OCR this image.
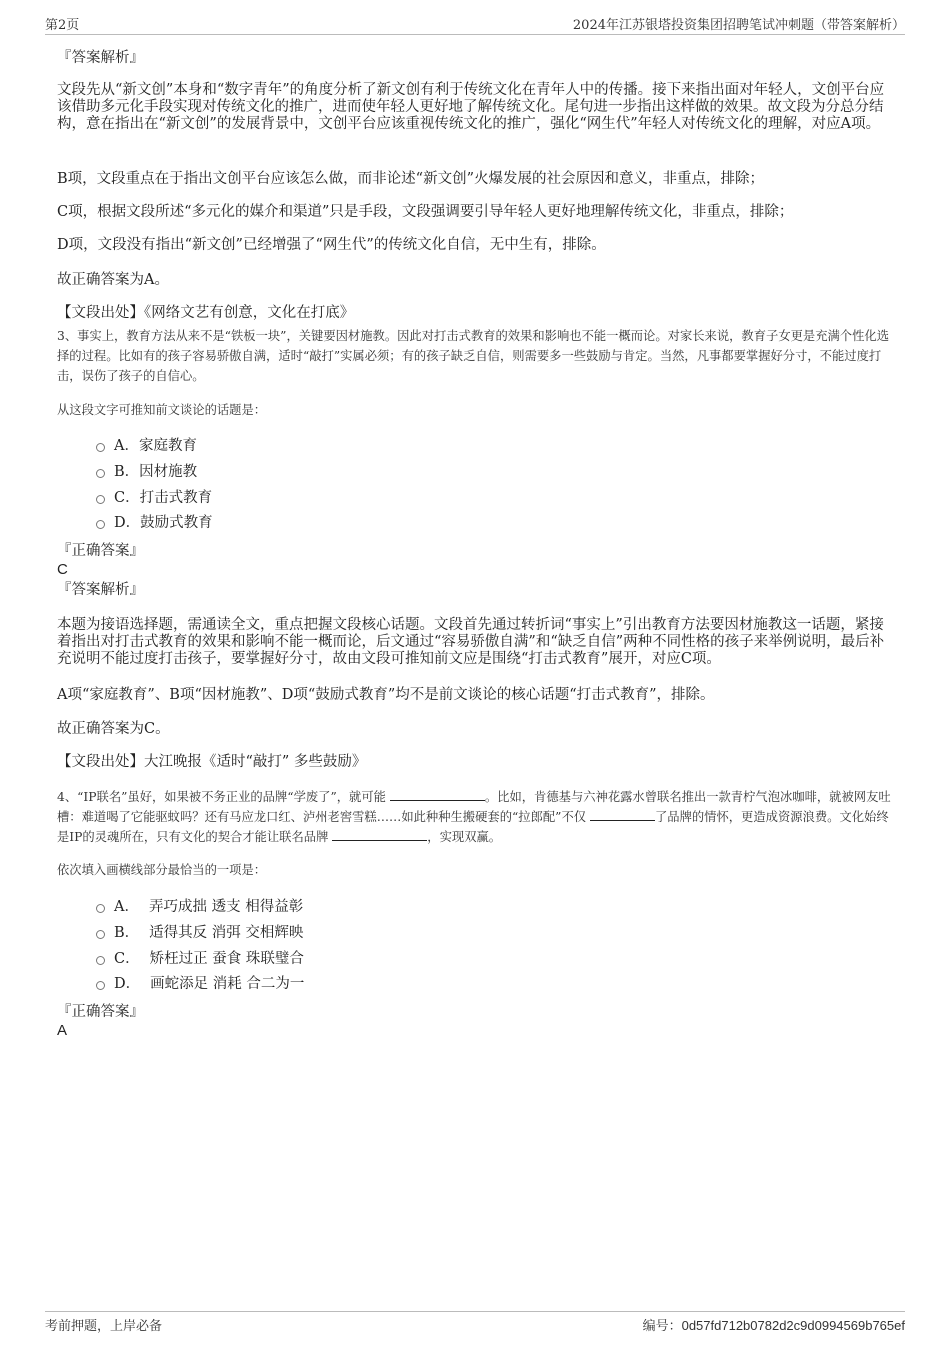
第2页	2024年江苏银塔投资集团招聘笔试冲刺题（带答案解析）
『答案解析』

文段先从“新文创”本身和“数字青年”的角度分析了新文创有利于传统文化在青年人中的传播。接下来指出面对年轻人，文创平台应该借助多元化手段实现对传统文化的推广，进而使年轻人更好地了解传统文化。尾句进一步指出这样做的效果。故文段为分总分结构，意在指出在“新文创”的发展背景中，文创平台应该重视传统文化的推广，强化“网生代”年轻人对传统文化的理解，对应A项。

B项，文段重点在于指出文创平台应该怎么做，而非论述“新文创”火爆发展的社会原因和意义，非重点，排除；

C项，根据文段所述“多元化的媒介和渠道”只是手段，文段强调要引导年轻人更好地理解传统文化，非重点，排除；

D项，文段没有指出“新文创”已经增强了“网生代”的传统文化自信，无中生有，排除。

故正确答案为A。

【文段出处】《网络文艺有创意，文化在打底》

3、事实上，教育方法从来不是“铁板一块”，关键要因材施教。因此对打击式教育的效果和影响也不能一概而论。对家长来说，教育子女更是充满个性化选择的过程。比如有的孩子容易骄傲自满，适时“敲打”实属必须；有的孩子缺乏自信，则需要多一些鼓励与肯定。当然，凡事都要掌握好分寸，不能过度打击，误伤了孩子的自信心。

从这段文字可推知前文谈论的话题是：

A．家庭教育
B．因材施教
C．打击式教育
D．鼓励式教育
『正确答案』
C
『答案解析』

本题为接语选择题，需通读全文，重点把握文段核心话题。文段首先通过转折词“事实上”引出教育方法要因材施教这一话题，紧接着指出对打击式教育的效果和影响不能一概而论，后文通过“容易骄傲自满”和“缺乏自信”两种不同性格的孩子来举例说明，最后补充说明不能过度打击孩子，要掌握好分寸，故由文段可推知前文应是围绕“打击式教育”展开，对应C项。

A项“家庭教育”、B项“因材施教”、D项“鼓励式教育”均不是前文谈论的核心话题“打击式教育”，排除。

故正确答案为C。

【文段出处】大江晚报《适时“敲打” 多些鼓励》

4、“IP联名”虽好，如果被不务正业的品牌“学废了”，就可能	。比如，肯德基与六神花露水曾联名推出一款青柠气泡冰咖啡，就被网友吐槽：难道喝了它能驱蚊吗？还有马应龙口红、泸州老窖雪糕……如此种种生搬硬套的“拉郎配”不仅	了品牌的情怀，更造成资源浪费。文化始终是IP的灵魂所在，只有文化的契合才能让联名品牌	，实现双赢。

依次填入画横线部分最恰当的一项是：

A． 弄巧成拙 透支 相得益彰
B． 适得其反 消弭 交相辉映
C． 矫枉过正 蚕食 珠联璧合
D． 画蛇添足 消耗 合二为一
『正确答案』
A
考前押题，上岸必备	编号：0d57fd712b0782d2c9d0994569b765ef
